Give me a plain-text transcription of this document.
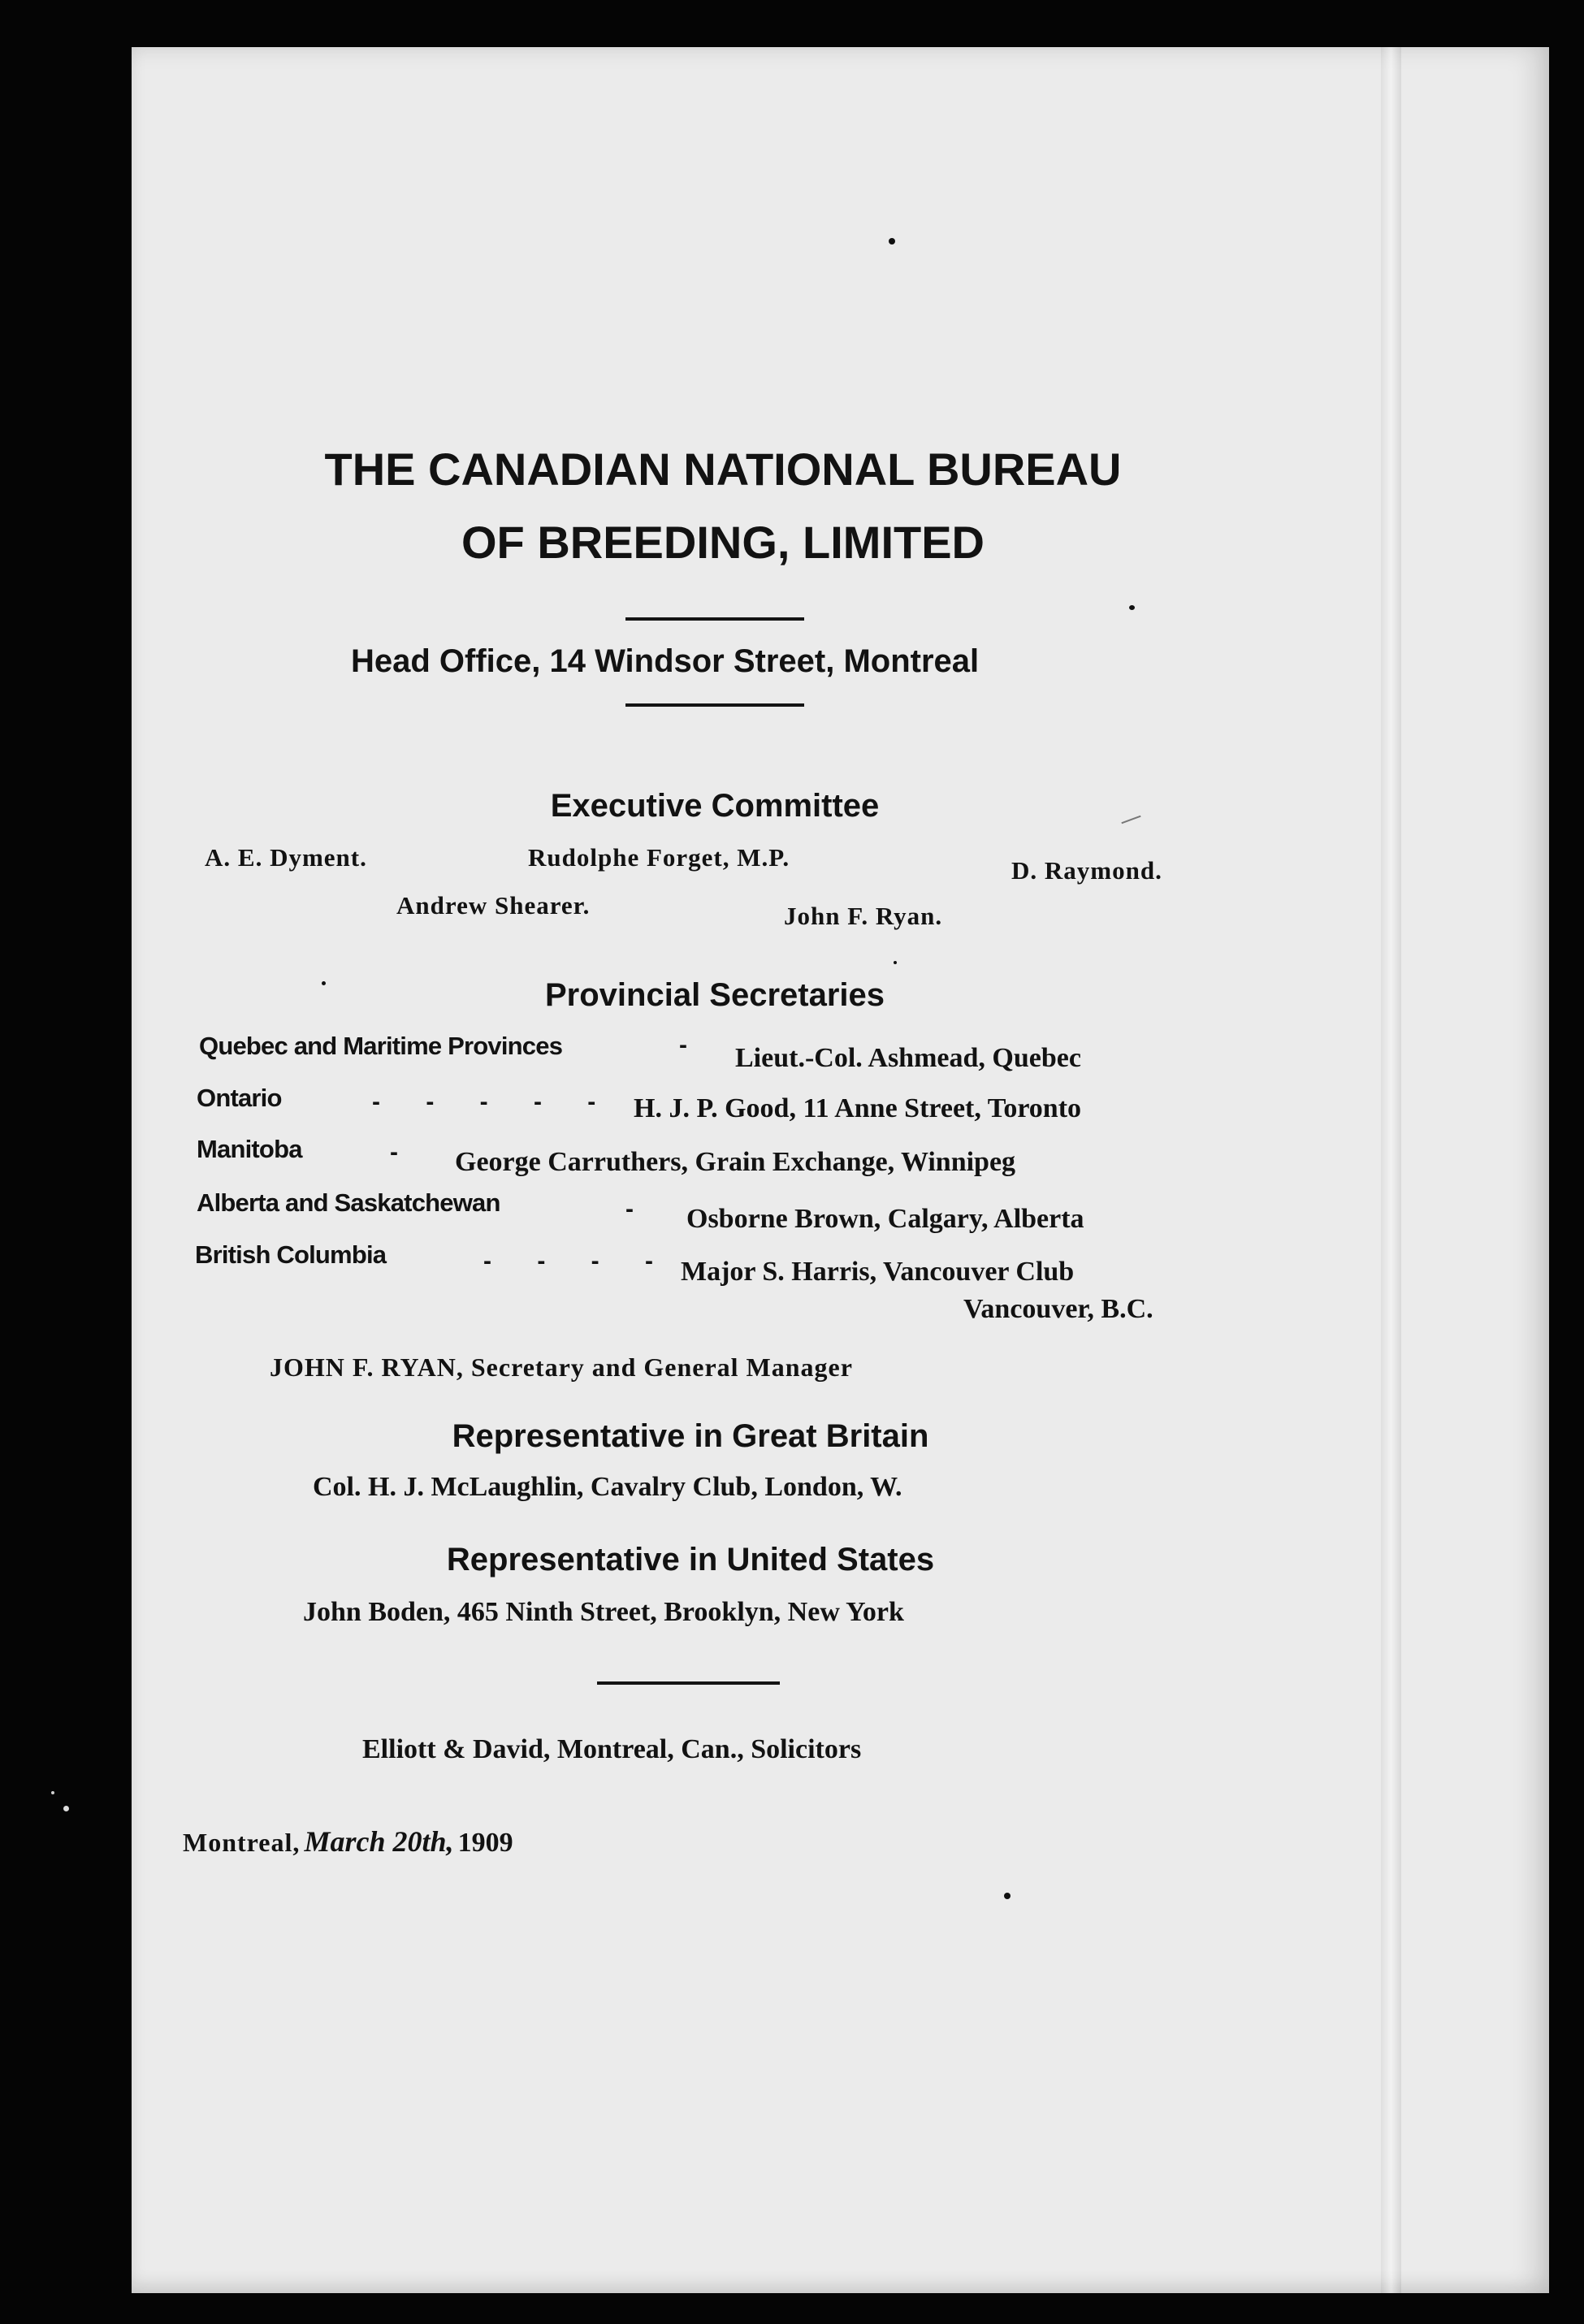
THE CANADIAN NATIONAL BUREAU
OF BREEDING, LIMITED
Head Office, 14 Windsor Street, Montreal
Executive Committee
A. E. Dyment.	Rudolphe Forget, M.P.	D. Raymond.
Andrew Shearer.	John F. Ryan.
Provincial Secretaries
Quebec and Maritime Provinces	- Lieut.-Col. Ashmead, Quebec
Ontario	- - - - - H. J. P. Good, 11 Anne Street, Toronto
Manitoba	- George Carruthers, Grain Exchange, Winnipeg
Alberta and Saskatchewan	- Osborne Brown, Calgary, Alberta
British Columbia	- - - - Major S. Harris, Vancouver Club
Vancouver, B.C.
JOHN F. RYAN, Secretary and General Manager
Representative in Great Britain
Col. H. J. McLaughlin, Cavalry Club, London, W.
Representative in United States
John Boden, 465 Ninth Street, Brooklyn, New York
Elliott & David, Montreal, Can., Solicitors
Montreal, March 20th, 1909
